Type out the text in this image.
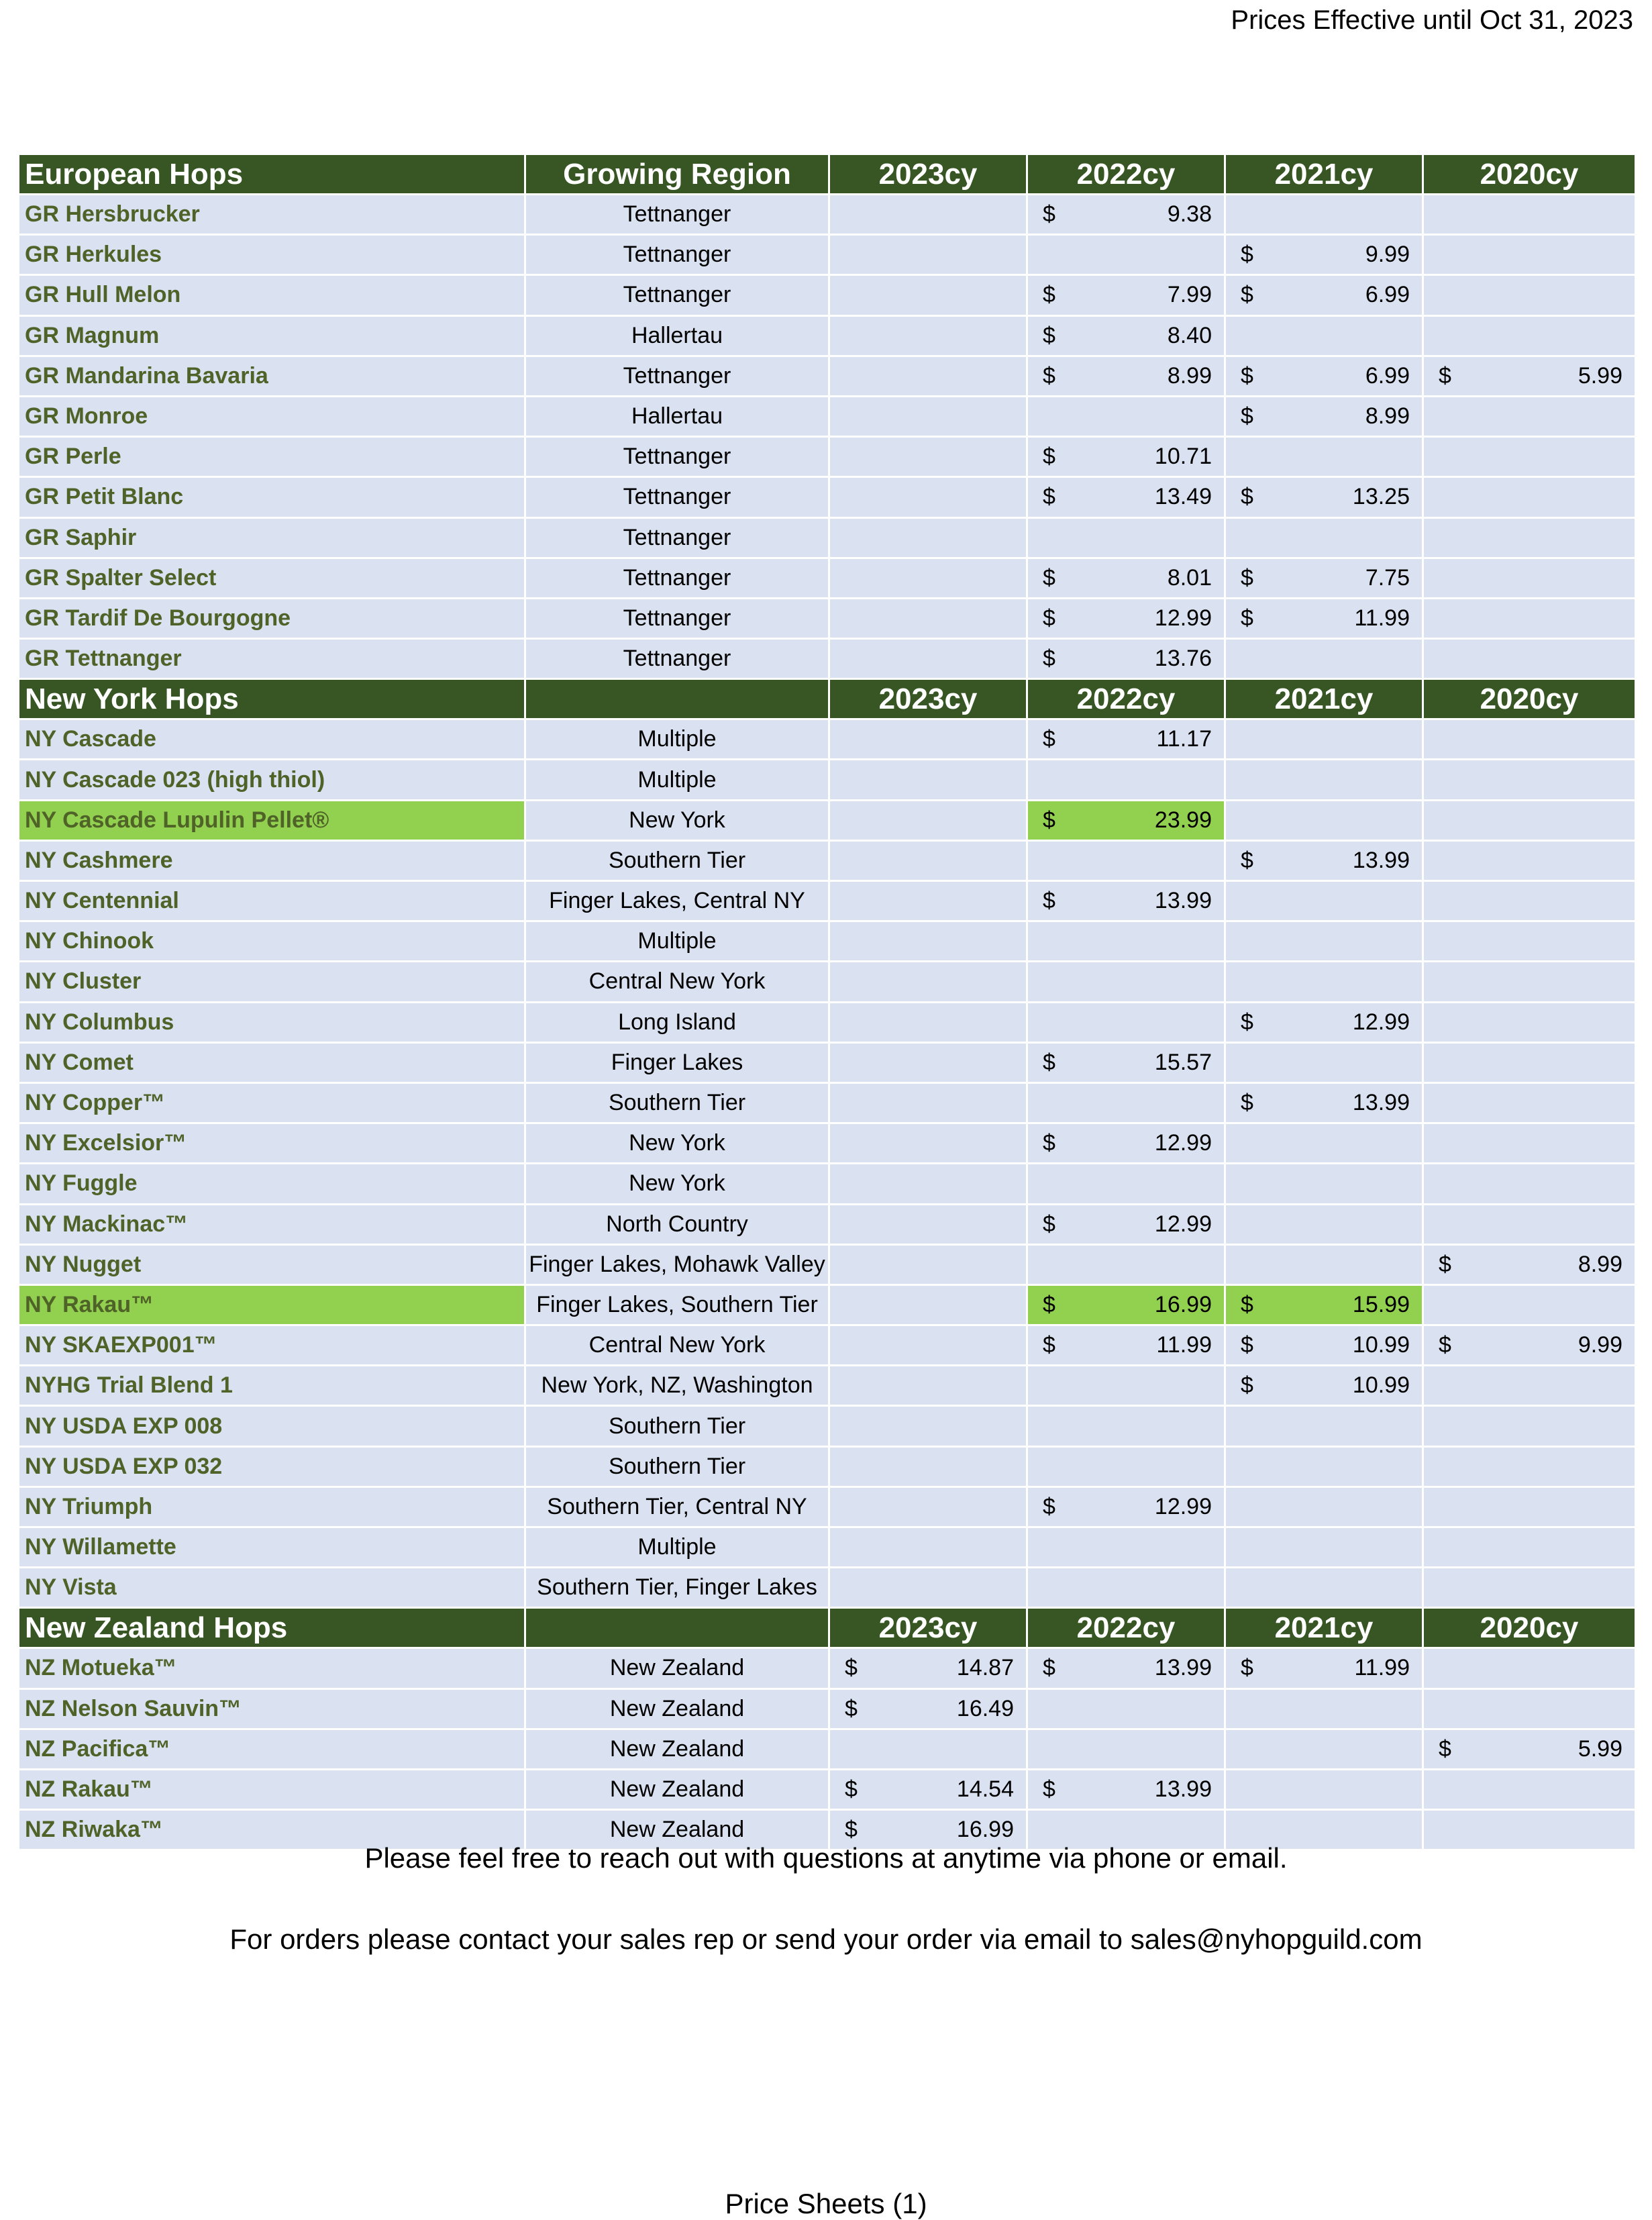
Prices Effective until Oct 31, 2023
European Hops	Growing Region	2023cy	2022cy	2021cy	2020cy
GR Hersbrucker	Tettnanger		$ 9.38		

GR Herkules	Tettnanger			$ 9.99	

GR Hull Melon	Tettnanger		$ 7.99	$ 6.99	

GR Magnum	Hallertau		$ 8.40		

GR Mandarina Bavaria	Tettnanger		$ 8.99	$ 6.99	$ 5.99

GR Monroe	Hallertau			$ 8.99	

GR Perle	Tettnanger		$ 10.71		

GR Petit Blanc	Tettnanger		$ 13.49	$ 13.25	

GR Saphir	Tettnanger				
GR Spalter Select	Tettnanger		$ 8.01	$ 7.75	

GR Tardif De Bourgogne	Tettnanger		$ 12.99	$ 11.99	

GR Tettnanger	Tettnanger		$ 13.76		

New York Hops		2023cy	2022cy	2021cy	2020cy
NY Cascade	Multiple		$ 11.17		

NY Cascade 023 (high thiol)	Multiple				
NY Cascade Lupulin Pellet®	New York		$ 23.99		

NY Cashmere	Southern Tier			$ 13.99	

NY Centennial	Finger Lakes, Central NY		$ 13.99		

NY Chinook	Multiple				
NY Cluster	Central New York				
NY Columbus	Long Island			$ 12.99	

NY Comet	Finger Lakes		$ 15.57		

NY Copper™	Southern Tier			$ 13.99	

NY Excelsior™	New York		$ 12.99		

NY Fuggle	New York				
NY Mackinac™	North Country		$ 12.99		

NY Nugget	Finger Lakes, Mohawk Valley				$ 8.99

NY Rakau™	Finger Lakes, Southern Tier		$ 16.99	$ 15.99	

NY SKAEXP001™	Central New York		$ 11.99	$ 10.99	$ 9.99

NYHG Trial Blend 1	New York, NZ, Washington			$ 10.99	

NY USDA EXP 008	Southern Tier				
NY USDA EXP 032	Southern Tier				
NY Triumph	Southern Tier, Central NY		$ 12.99		

NY Willamette	Multiple				
NY Vista	Southern Tier, Finger Lakes				
New Zealand Hops		2023cy	2022cy	2021cy	2020cy
NZ Motueka™	New Zealand	$ 14.87	$ 13.99	$ 11.99	

NZ Nelson Sauvin™	New Zealand	$ 16.49			

NZ Pacifica™	New Zealand				$ 5.99

NZ Rakau™	New Zealand	$ 14.54	$ 13.99		

NZ Riwaka™	New Zealand	$ 16.99			

Please feel free to reach out with questions at anytime via phone or email.
For orders please contact your sales rep or send your order via email to sales@nyhopguild.com
Price Sheets (1)
